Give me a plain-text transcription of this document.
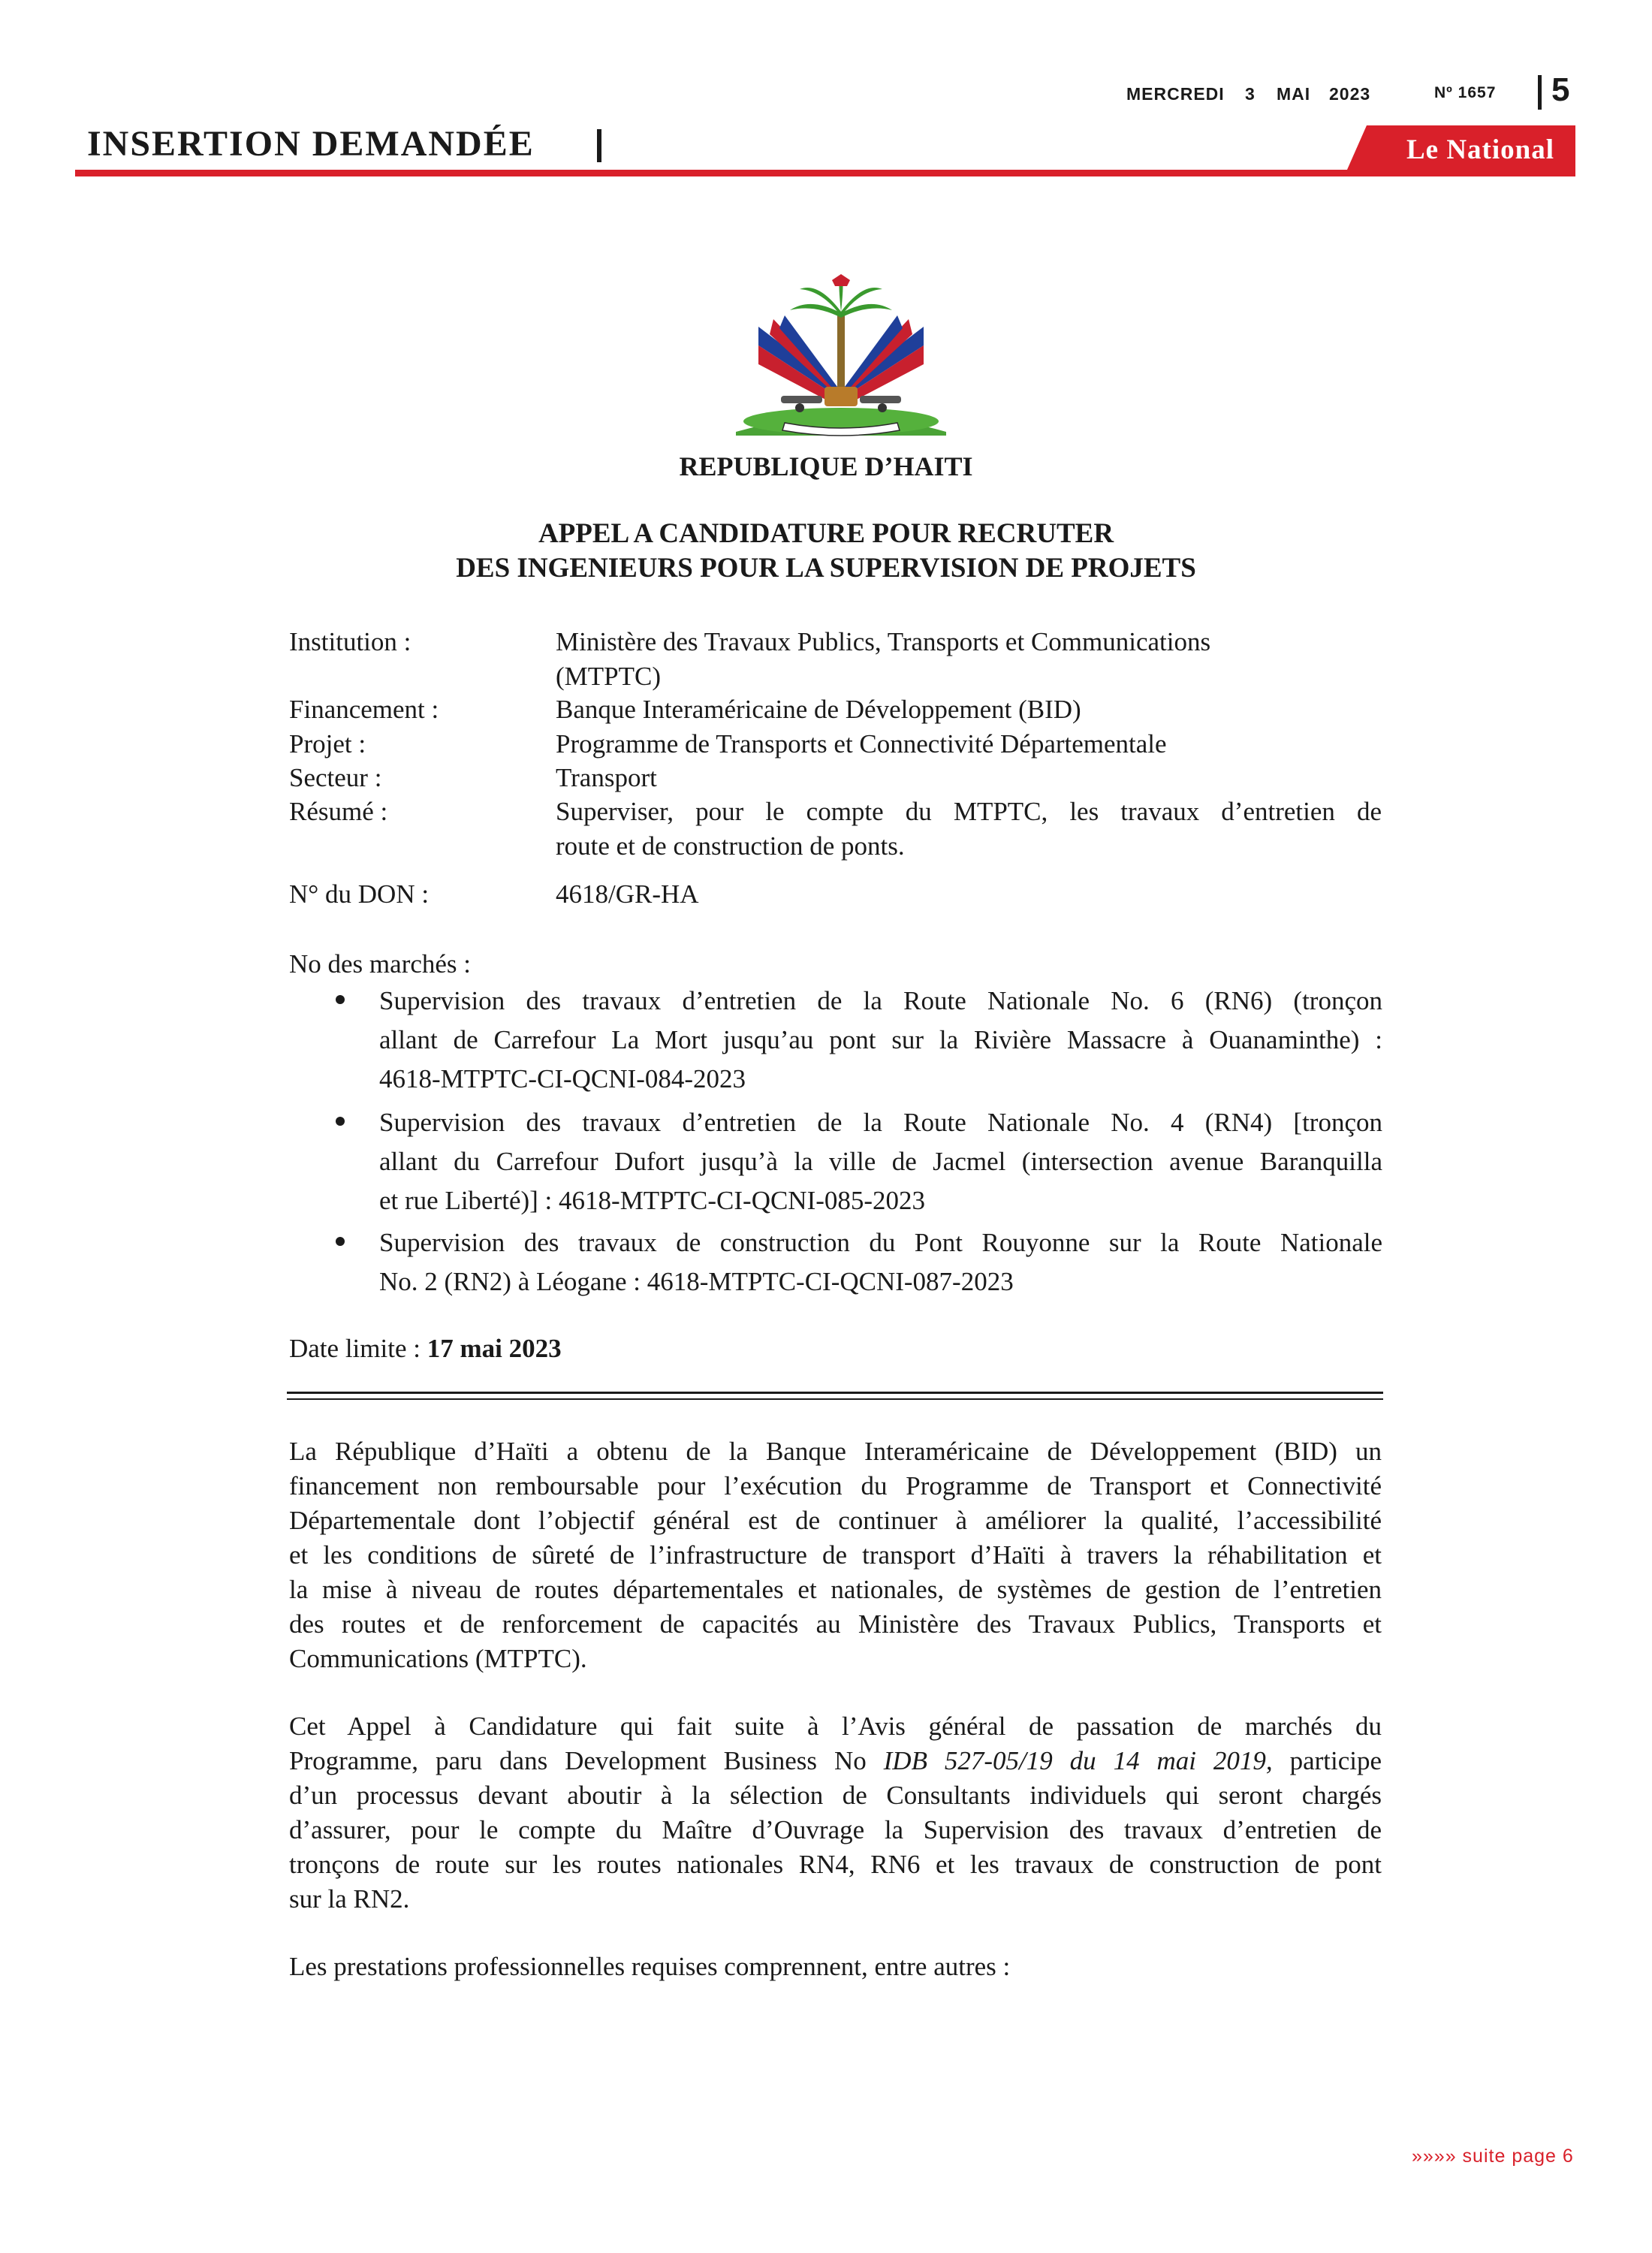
MERCREDI 3 MAI 2023	Nº 1657 5
INSERTION DEMANDÉE	Le National
REPUBLIQUE D’HAITI
APPEL A CANDIDATURE POUR RECRUTER
DES INGENIEURS POUR LA SUPERVISION DE PROJETS
Institution :	Ministère des Travaux Publics, Transports et Communications
(MTPTC)
Financement :	Banque Interaméricaine de Développement (BID)
Projet :	Programme de Transports et Connectivité Départementale
Secteur :	Transport
Résumé :	Superviser, pour le compte du MTPTC, les travaux d’entretien de
route et de construction de ponts.
N° du DON :	4618/GR-HA
No des marchés :
Supervision des travaux d’entretien de la Route Nationale No. 6 (RN6) (tronçon
allant de Carrefour La Mort jusqu’au pont sur la Rivière Massacre à Ouanaminthe) :
4618-MTPTC-CI-QCNI-084-2023
Supervision des travaux d’entretien de la Route Nationale No. 4 (RN4) [tronçon
allant du Carrefour Dufort jusqu’à la ville de Jacmel (intersection avenue Baranquilla
et rue Liberté)] : 4618-MTPTC-CI-QCNI-085-2023
Supervision des travaux de construction du Pont Rouyonne sur la Route Nationale
No. 2 (RN2) à Léogane : 4618-MTPTC-CI-QCNI-087-2023
Date limite : 17 mai 2023
La République d’Haïti a obtenu de la Banque Interaméricaine de Développement (BID) un
financement non remboursable pour l’exécution du Programme de Transport et Connectivité
Départementale dont l’objectif général est de continuer à améliorer la qualité, l’accessibilité
et les conditions de sûreté de l’infrastructure de transport d’Haïti à travers la réhabilitation et
la mise à niveau de routes départementales et nationales, de systèmes de gestion de l’entretien
des routes et de renforcement de capacités au Ministère des Travaux Publics, Transports et
Communications (MTPTC).
Cet Appel à Candidature qui fait suite à l’Avis général de passation de marchés du
Programme, paru dans Development Business No IDB 527-05/19 du 14 mai 2019, participe
d’un processus devant aboutir à la sélection de Consultants individuels qui seront chargés
d’assurer, pour le compte du Maître d’Ouvrage la Supervision des travaux d’entretien de
tronçons de route sur les routes nationales RN4, RN6 et les travaux de construction de pont
sur la RN2.
Les prestations professionnelles requises comprennent, entre autres :
»»»» suite page 6
